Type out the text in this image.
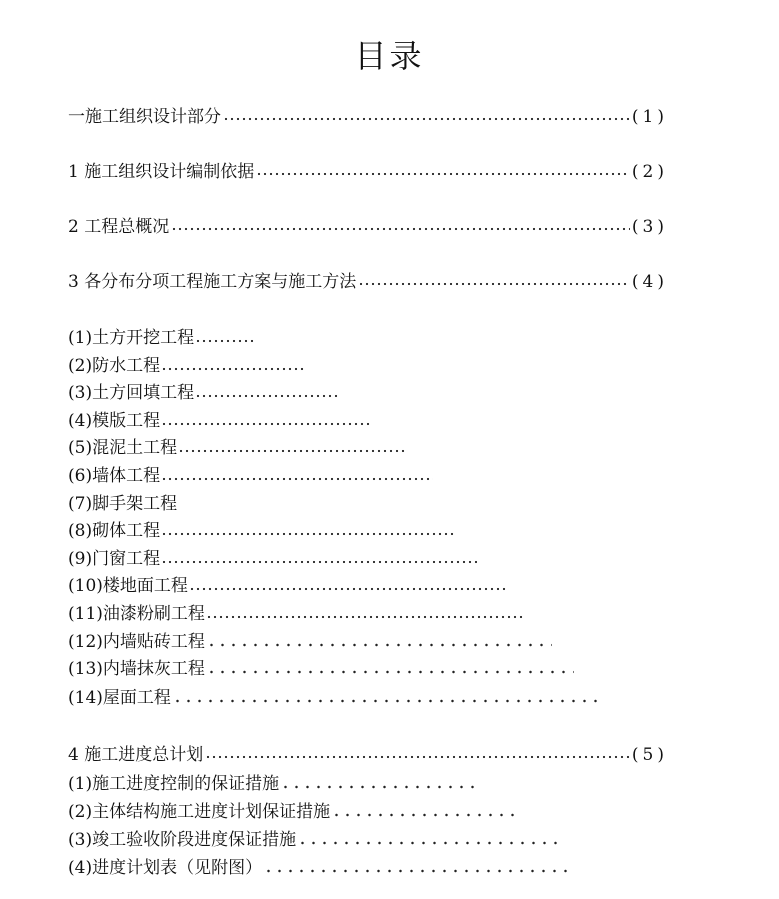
目录
一施工组织设计部分	(1)
1 施工组织设计编制依据	(2)
2 工程总概况	(3)
3 各分布分项工程施工方案与施工方法	(4)
(1)土方开挖工程
(2)防水工程
(3)土方回填工程
(4)模版工程
(5)混泥土工程
(6)墙体工程
(7)脚手架工程
(8)砌体工程
(9)门窗工程
(10)楼地面工程
(11)油漆粉刷工程
(12)内墙贴砖工程
(13)内墙抹灰工程
(14)屋面工程
4 施工进度总计划	(5)
(1)施工进度控制的保证措施
(2)主体结构施工进度计划保证措施
(3)竣工验收阶段进度保证措施
(4)进度计划表（见附图）
